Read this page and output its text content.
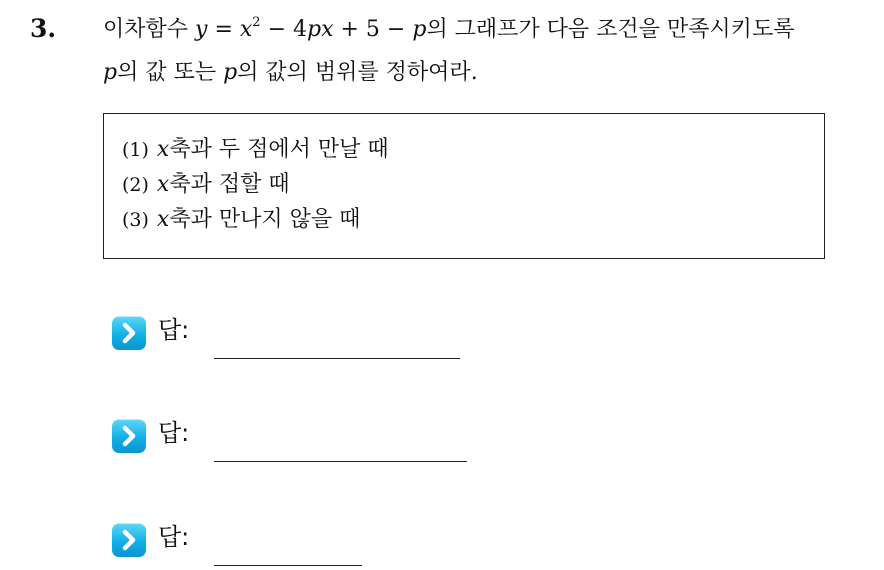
3. 이차함수 $y = x^2 - 4px + 5 - p$의 그래프가 다음 조건을 만족시키도록
p의 값 또는 p의 값의 범위를 정하여라.
(1) x축과 두 점에서 만날 때
(2) x축과 접할 때
(3) x축과 만나지 않을 때
답:
답:
답:
